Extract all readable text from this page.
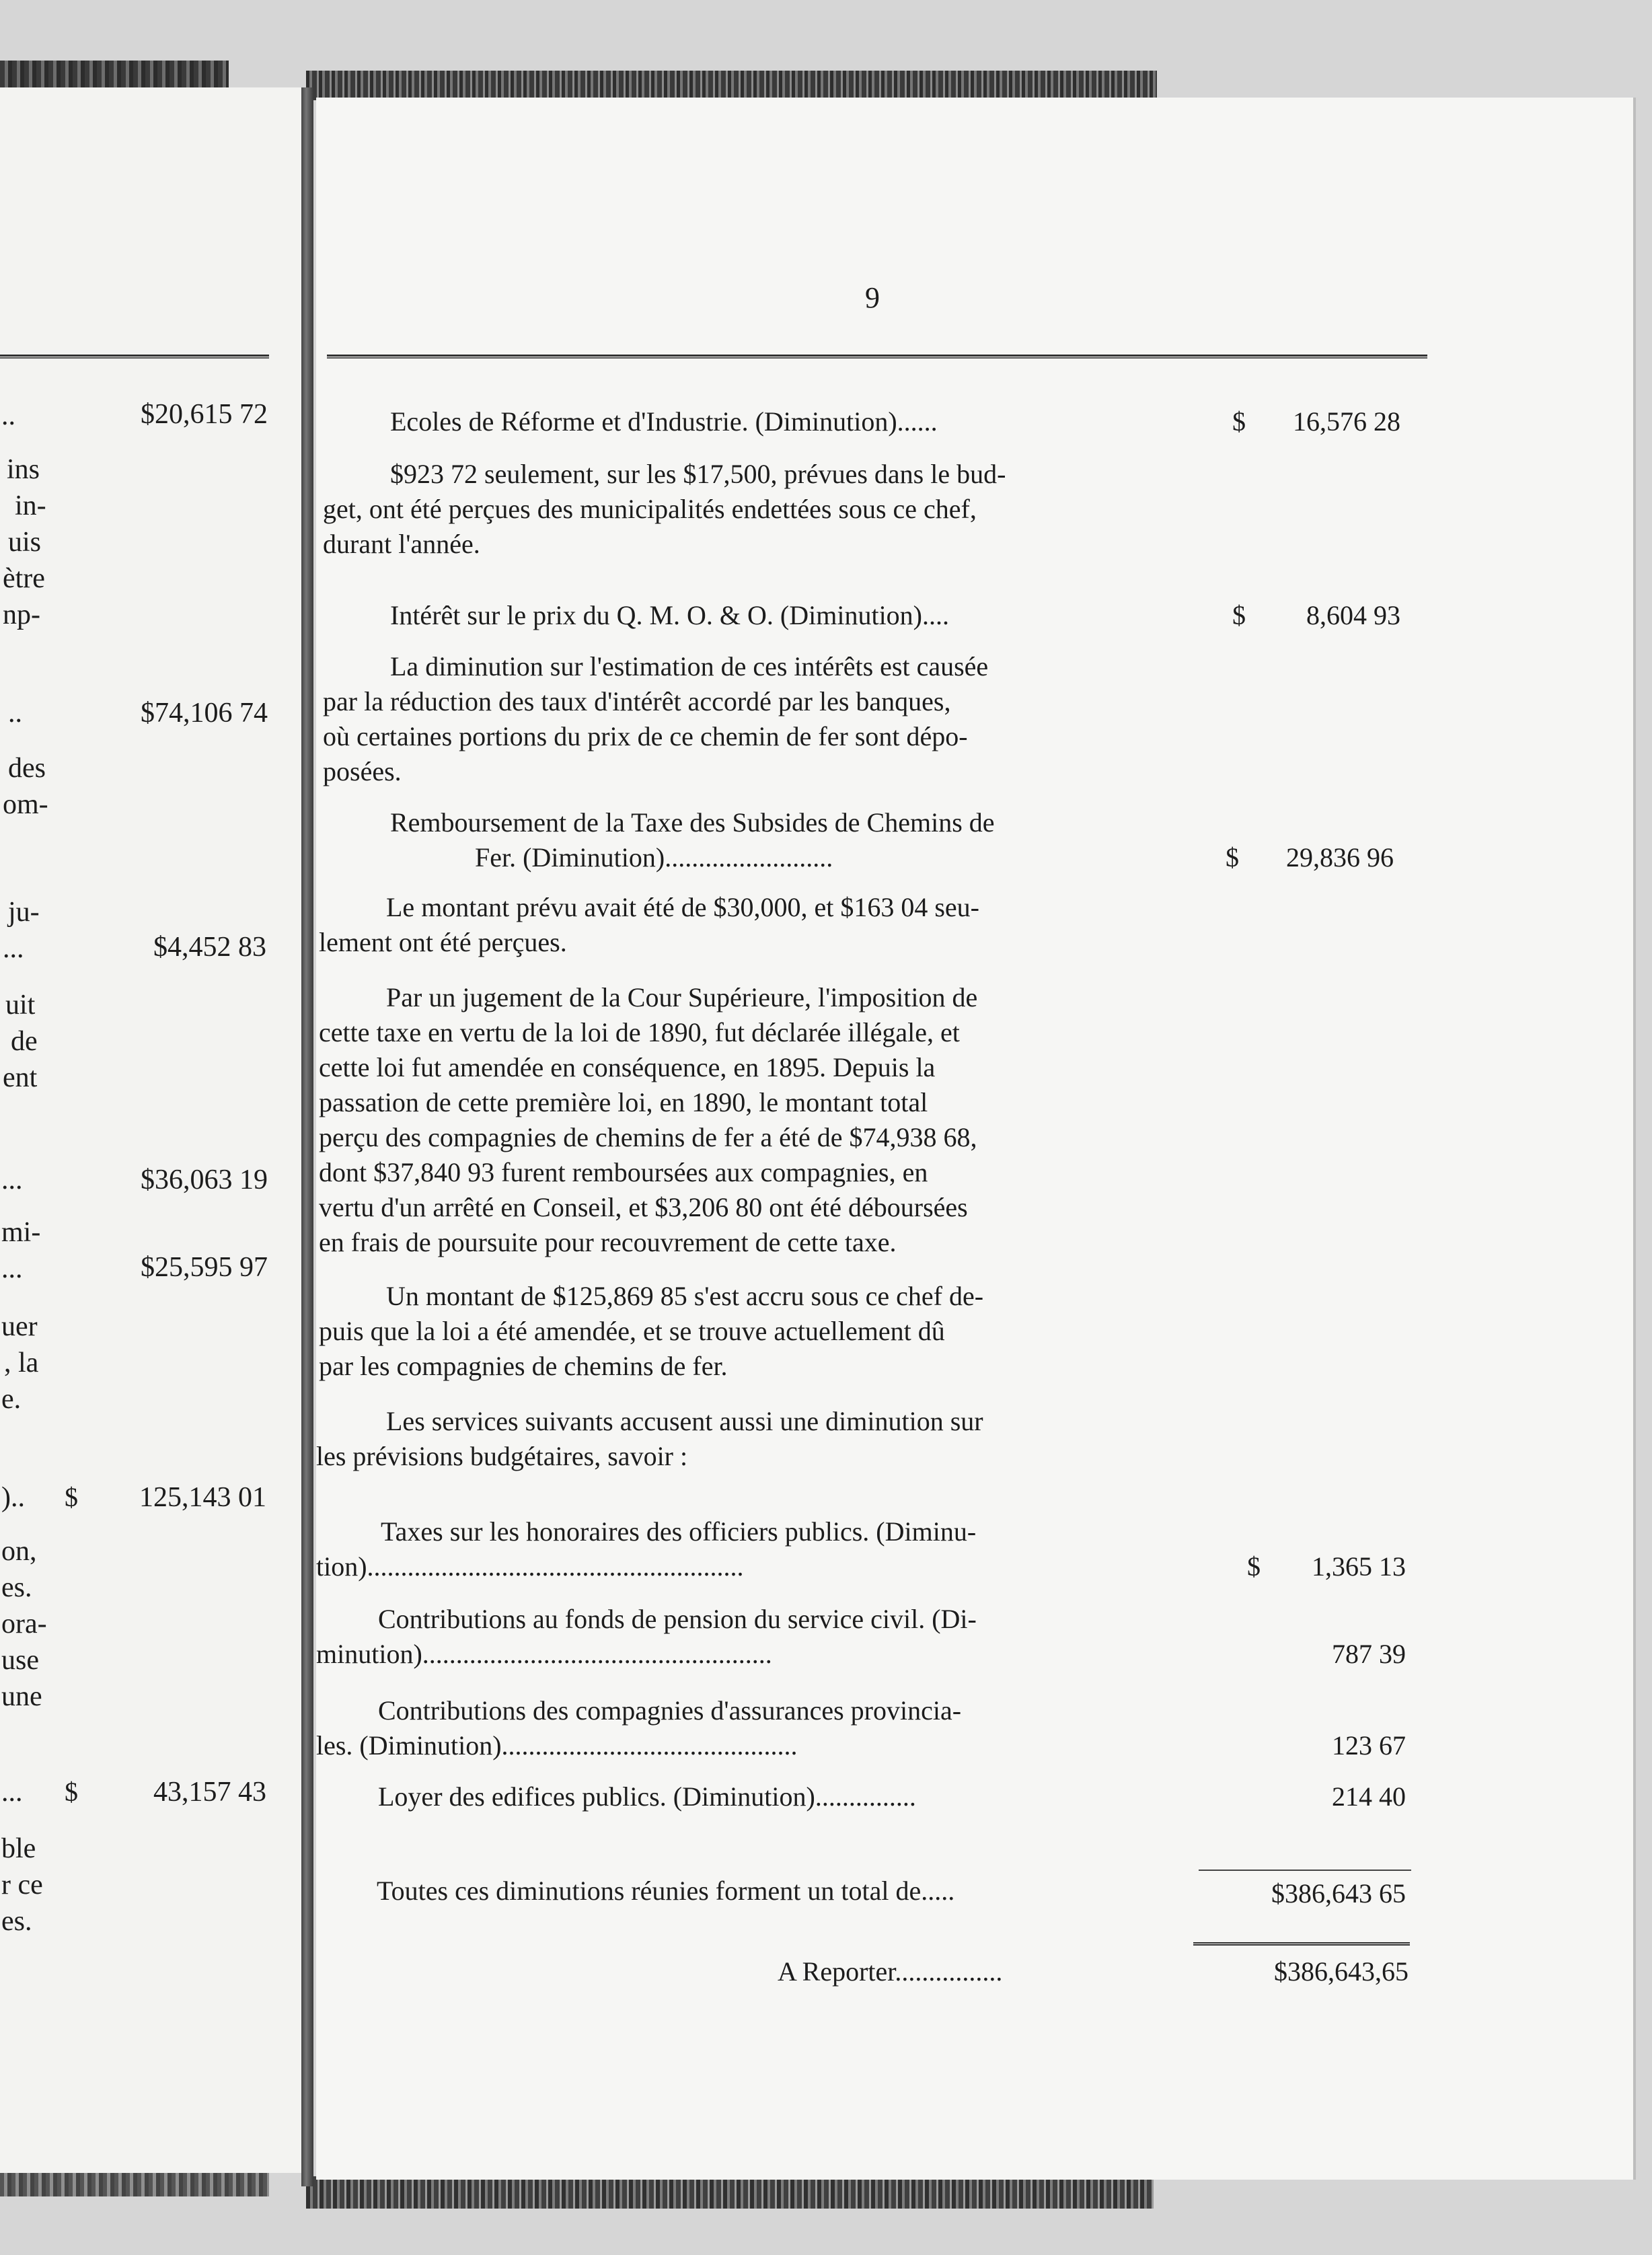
..	$20,615 72
ins
in-
uis
ètre
np-
..	$74,106 74
des
om-
ju-
...	$4,452 83
uit
de
ent
...	$36,063 19
mi-
...	$25,595 97
uer
, la
e.
).. $ 125,143 01
on,
es.
ora-
use
une
... $	43,157 43
ble
r ce
es.
9
Ecoles de Réforme et d'Industrie. (Diminution)......	$ 16,576 28
$923 72 seulement, sur les $17,500, prévues dans le bud-
get, ont été perçues des municipalités endettées sous ce chef,
durant l'année.
Intérêt sur le prix du Q. M. O. & O. (Diminution)....	$ 8,604 93
La diminution sur l'estimation de ces intérêts est causée
par la réduction des taux d'intérêt accordé par les banques,
où certaines portions du prix de ce chemin de fer sont dépo-
posées.
Remboursement de la Taxe des Subsides de Chemins de
Fer. (Diminution).........................	$ 29,836 96
Le montant prévu avait été de $30,000, et $163 04 seu-
lement ont été perçues.
Par un jugement de la Cour Supérieure, l'imposition de
cette taxe en vertu de la loi de 1890, fut déclarée illégale, et
cette loi fut amendée en conséquence, en 1895. Depuis la
passation de cette première loi, en 1890, le montant total
perçu des compagnies de chemins de fer a été de $74,938 68,
dont $37,840 93 furent remboursées aux compagnies, en
vertu d'un arrêté en Conseil, et $3,206 80 ont été déboursées
en frais de poursuite pour recouvrement de cette taxe.
Un montant de $125,869 85 s'est accru sous ce chef de-
puis que la loi a été amendée, et se trouve actuellement dû
par les compagnies de chemins de fer.
Les services suivants accusent aussi une diminution sur
les prévisions budgétaires, savoir :
Taxes sur les honoraires des officiers publics. (Diminu-
tion)........................................................	$ 1,365 13
Contributions au fonds de pension du service civil. (Di-
minution)....................................................	787 39
Contributions des compagnies d'assurances provincia-
les. (Diminution)............................................	123 67
Loyer des edifices publics. (Diminution)...............	214 40
Toutes ces diminutions réunies forment un total de.....	$386,643 65
A Reporter................	$386,643,65
